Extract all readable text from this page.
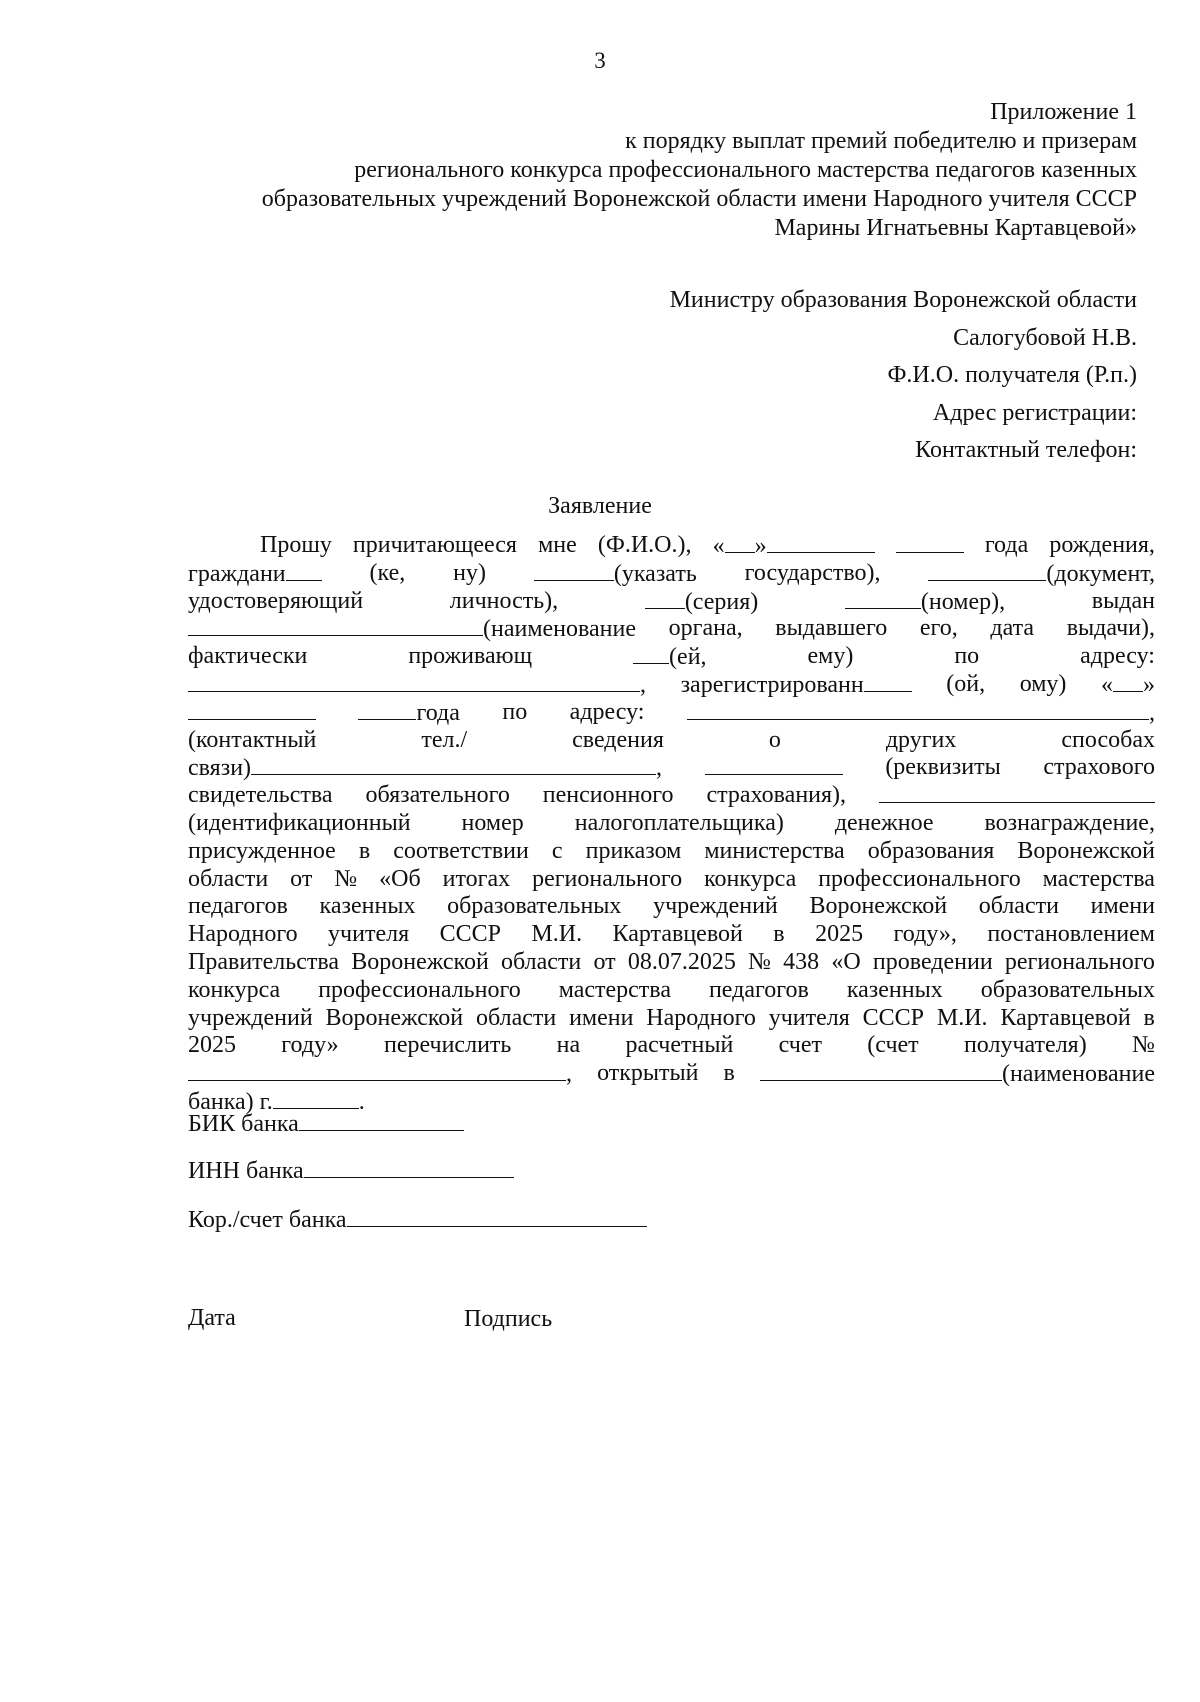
3
Приложение 1
к порядку выплат премий победителю и призерам
регионального конкурса профессионального мастерства педагогов казенных
образовательных учреждений Воронежской области имени Народного учителя СССР
Марины Игнатьевны Картавцевой»
Министру образования Воронежской области
Салогубовой Н.В.
Ф.И.О. получателя (Р.п.)
Адрес регистрации:
Контактный телефон:
Заявление
Прошу причитающееся мне (Ф.И.О.), « »	года рождения,
граждани	(ке, ну)	(указать государство),	(документ,
удостоверяющий	личность),	(серия)	(номер),	выдан
(наименование органа, выдавшего его, дата выдачи),
фактически	проживающ	(ей,	ему)	по	адресу:
, зарегистрированн	(ой, ому) « »
года по адресу:	,
(контактный	тел./	сведения	о	других	способах
связи)	,	(реквизиты страхового
свидетельства обязательного пенсионного страхования),
(идентификационный номер налогоплательщика) денежное вознаграждение,
присужденное в соответствии с приказом министерства образования Воронежской
области от № «Об итогах регионального конкурса профессионального мастерства
педагогов казенных образовательных учреждений Воронежской области имени
Народного учителя СССР М.И. Картавцевой в 2025 году», постановлением
Правительства Воронежской области от 08.07.2025 № 438 «О проведении регионального
конкурса профессионального мастерства педагогов казенных образовательных
учреждений Воронежской области имени Народного учителя СССР М.И. Картавцевой в
2025 году» перечислить на расчетный счет (счет получателя) №
, открытый в	(наименование
банка) г.	.
БИК банка
ИНН банка
Кор./счет банка
Дата	Подпись
